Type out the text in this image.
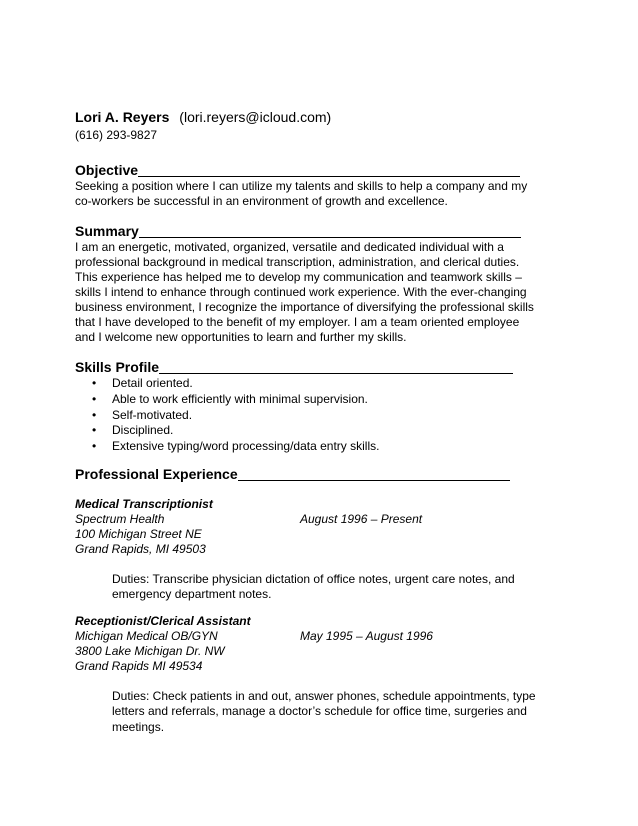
Lori A. Reyers (lori.reyers@icloud.com)
(616) 293-9827
Objective
Seeking a position where I can utilize my talents and skills to help a company and my
co-workers be successful in an environment of growth and excellence.
Summary
I am an energetic, motivated, organized, versatile and dedicated individual with a
professional background in medical transcription, administration, and clerical duties.
This experience has helped me to develop my communication and teamwork skills –
skills I intend to enhance through continued work experience. With the ever-changing
business environment, I recognize the importance of diversifying the professional skills
that I have developed to the benefit of my employer. I am a team oriented employee
and I welcome new opportunities to learn and further my skills.
Skills Profile
• Detail oriented.
• Able to work efficiently with minimal supervision.
• Self-motivated.
• Disciplined.
• Extensive typing/word processing/data entry skills.
Professional Experience
Medical Transcriptionist
Spectrum Health	August 1996 – Present
100 Michigan Street NE
Grand Rapids, MI 49503
Duties: Transcribe physician dictation of office notes, urgent care notes, and
emergency department notes.
Receptionist/Clerical Assistant
Michigan Medical OB/GYN	May 1995 – August 1996
3800 Lake Michigan Dr. NW
Grand Rapids MI 49534
Duties: Check patients in and out, answer phones, schedule appointments, type
letters and referrals, manage a doctor’s schedule for office time, surgeries and
meetings.
